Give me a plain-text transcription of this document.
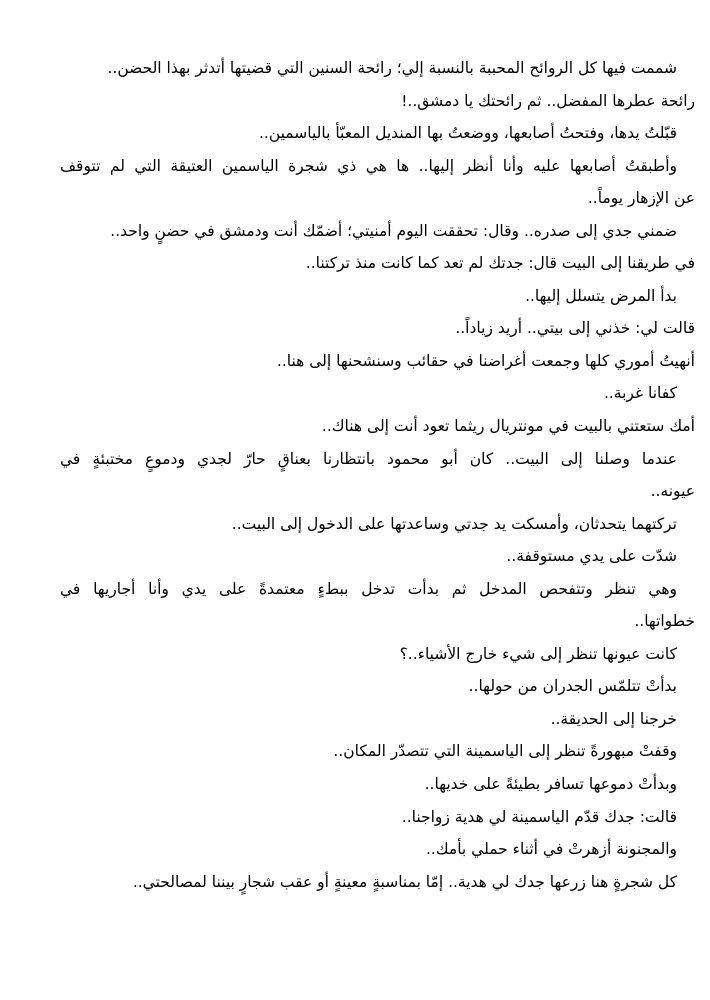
شممت فيها كل الروائح المحببة بالنسبة إلي؛ رائحة السنين التي قضيتها أتدثر بهذا الحضن..
رائحة عطرها المفضل.. ثم رائحتك يا دمشق..!
قبّلتُ يدها، وفتحتُ أصابعها، ووضعتُ بها المنديل المعبّأ بالياسمين..
وأطبقتُ أصابعها عليه وأنا أنظر إليها.. ها هي ذي شجرة الياسمين العتيقة التي لم تتوقف
عن الإزهار يوماً..
ضمني جدي إلى صدره.. وقال: تحققت اليوم أمنيتي؛ أضمّك أنت ودمشق في حضنٍ واحد..
في طريقنا إلى البيت قال: جدتك لم تعد كما كانت منذ تركتنا..
بدأ المرض يتسلل إليها..
قالت لي: خذني إلى بيتي.. أريد زياداً..
أنهيتُ أموري كلها وجمعت أغراضنا في حقائب وسنشحنها إلى هنا..
كفانا غربة..
أمك ستعتني بالبيت في مونتريال ريثما تعود أنت إلى هناك..
عندما وصلنا إلى البيت.. كان أبو محمود بانتظارنا بعناقٍ حارّ لجدي ودموعٍ مختبئةٍ في
عيونه..
تركتهما يتحدثان، وأمسكت يد جدتي وساعدتها على الدخول إلى البيت..
شدّت على يدي مستوقفة..
وهي تنظر وتتفحص المدخل ثم بدأت تدخل ببطءٍ معتمدةً على يدي وأنا أجاريها في
خطواتها..
كانت عيونها تنظر إلى شيء خارج الأشياء..؟
بدأتْ تتلمّس الجدران من حولها..
خرجنا إلى الحديقة..
وقفتْ مبهورةً تنظر إلى الياسمينة التي تتصدّر المكان..
وبدأتْ دموعها تسافر بطيئةً على خديها..
قالت: جدك قدّم الياسمينة لي هدية زواجنا..
والمجنونة أزهرتْ في أثناء حملي بأمك..
كل شجرةٍ هنا زرعها جدك لي هدية.. إمّا بمناسبةٍ معينةٍ أو عقب شجارٍ بيننا لمصالحتي..
